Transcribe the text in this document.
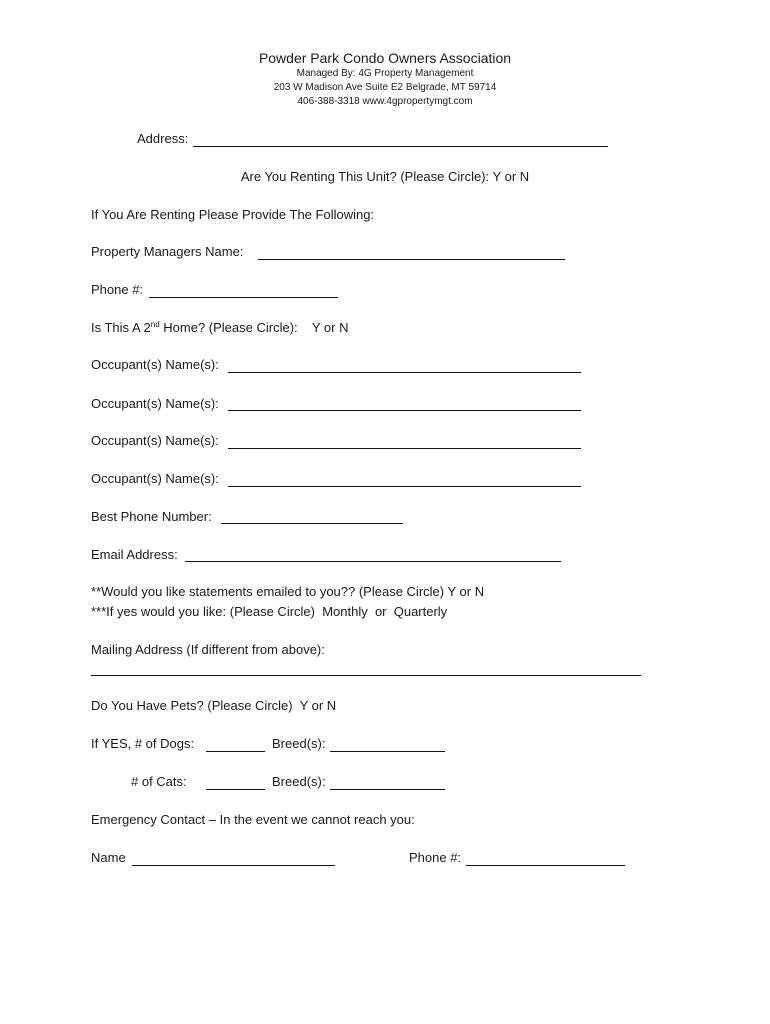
Powder Park Condo Owners Association
Managed By: 4G Property Management
203 W Madison Ave Suite E2 Belgrade, MT 59714
406-388-3318 www.4gpropertymgt.com
Address:
Are You Renting This Unit? (Please Circle): Y or N
If You Are Renting Please Provide The Following:
Property Managers Name:
Phone #:
Is This A 2nd Home? (Please Circle):    Y or N
Occupant(s) Name(s):
Occupant(s) Name(s):
Occupant(s) Name(s):
Occupant(s) Name(s):
Best Phone Number:
Email Address:
**Would you like statements emailed to you?? (Please Circle) Y or N
***If yes would you like: (Please Circle)  Monthly  or  Quarterly
Mailing Address (If different from above):
Do You Have Pets? (Please Circle)  Y or N
If YES, # of Dogs:	Breed(s):
# of Cats:	Breed(s):
Emergency Contact – In the event we cannot reach you:
Name	Phone #:
